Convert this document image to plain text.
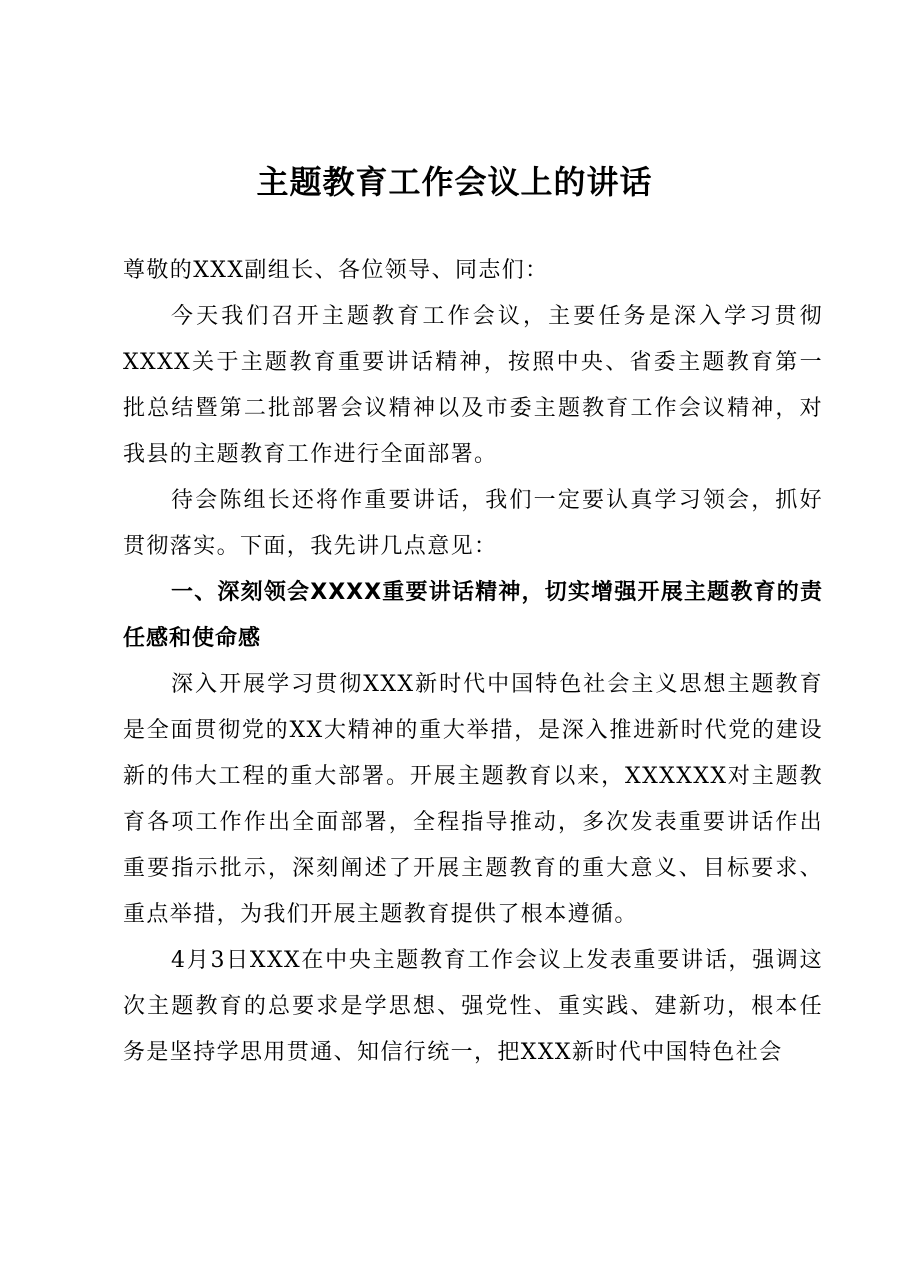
主题教育工作会议上的讲话

尊敬的XXX副组长、各位领导、同志们：

今天我们召开主题教育工作会议，主要任务是深入学习贯彻XXXX关于主题教育重要讲话精神，按照中央、省委主题教育第一批总结暨第二批部署会议精神以及市委主题教育工作会议精神，对我县的主题教育工作进行全面部署。

待会陈组长还将作重要讲话，我们一定要认真学习领会，抓好贯彻落实。下面，我先讲几点意见：

一、深刻领会XXXX重要讲话精神，切实增强开展主题教育的责任感和使命感

深入开展学习贯彻XXX新时代中国特色社会主义思想主题教育是全面贯彻党的XX大精神的重大举措，是深入推进新时代党的建设新的伟大工程的重大部署。开展主题教育以来，XXXXXX对主题教育各项工作作出全面部署，全程指导推动，多次发表重要讲话作出重要指示批示，深刻阐述了开展主题教育的重大意义、目标要求、重点举措，为我们开展主题教育提供了根本遵循。

4月3日XXX在中央主题教育工作会议上发表重要讲话，强调这次主题教育的总要求是学思想、强党性、重实践、建新功，根本任务是坚持学思用贯通、知信行统一，把XXX新时代中国特色社会
